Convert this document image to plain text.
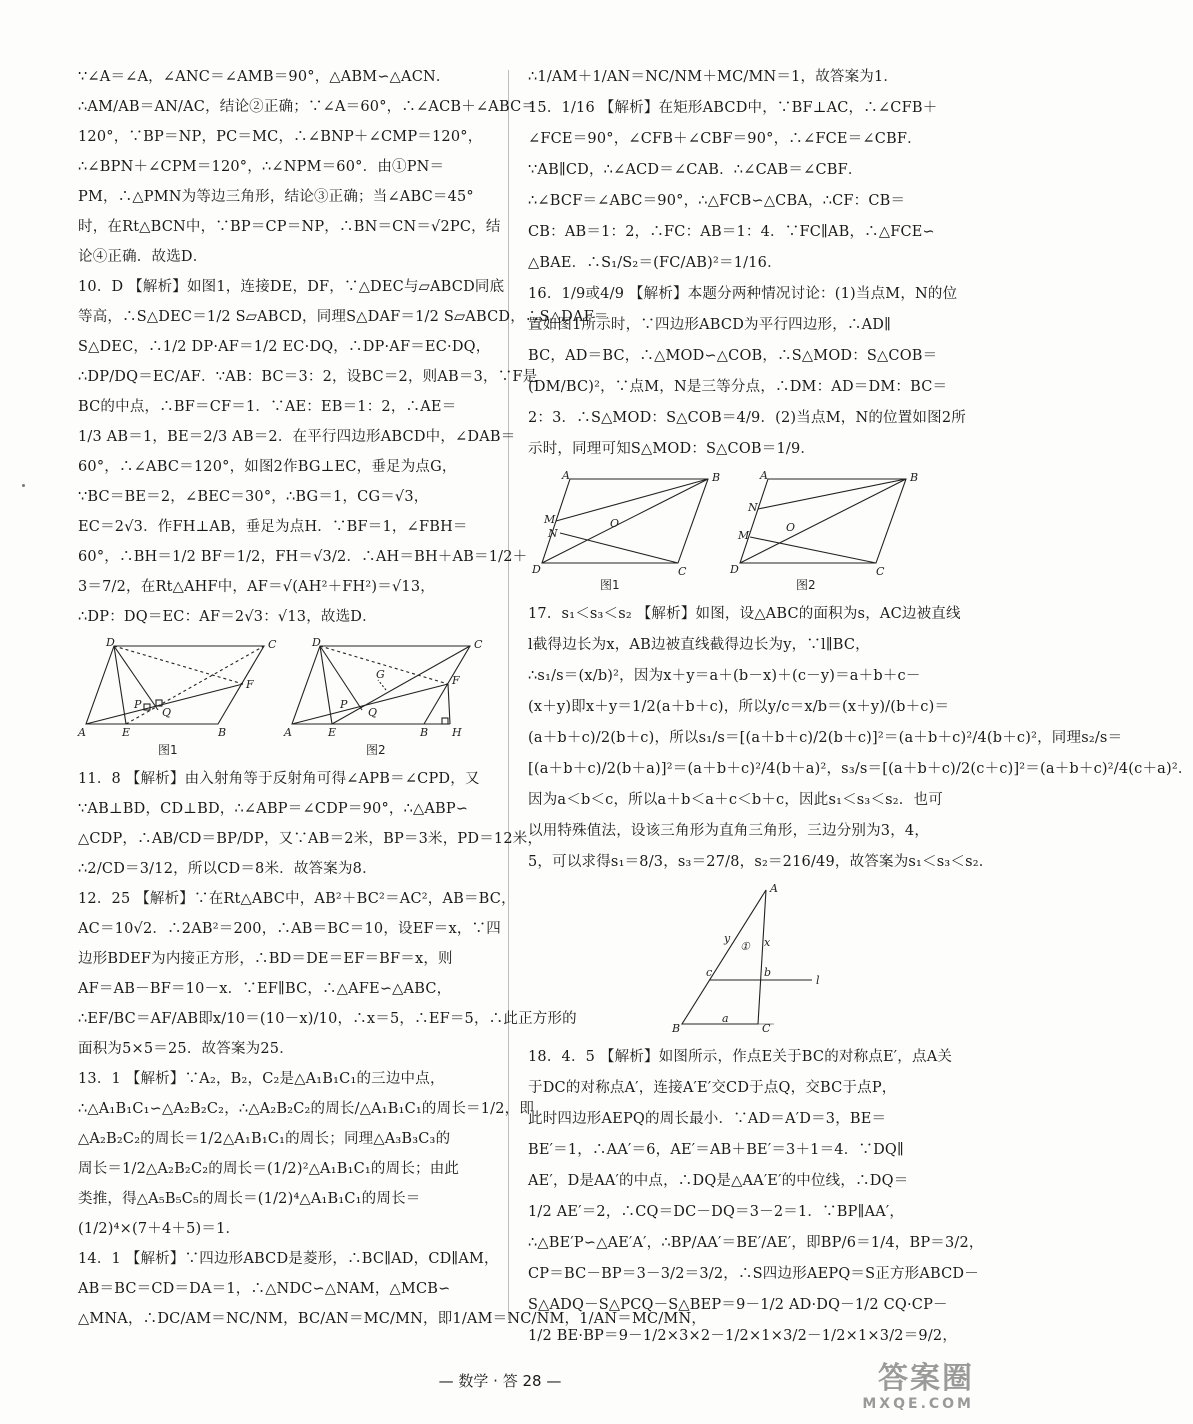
∵∠A＝∠A，∠ANC＝∠AMB＝90°，△ABM∽△ACN．
∴AM/AB＝AN/AC，结论②正确；∵∠A＝60°，∴∠ACB＋∠ABC＝
120°，∵BP＝NP，PC＝MC，∴∠BNP＋∠CMP＝120°，
∴∠BPN＋∠CPM＝120°，∴∠NPM＝60°．由①PN＝
PM，∴△PMN为等边三角形，结论③正确；当∠ABC＝45°
时，在Rt△BCN中，∵BP＝CP＝NP，∴BN＝CN＝√2PC，结
论④正确．故选D．
10．D 【解析】如图1，连接DE，DF，∵△DEC与▱ABCD同底
等高，∴S△DEC＝1/2 S▱ABCD，同理S△DAF＝1/2 S▱ABCD，∴S△DAF＝
S△DEC，∴1/2 DP·AF＝1/2 EC·DQ，∴DP·AF＝EC·DQ，
∴DP/DQ＝EC/AF．∵AB：BC＝3：2，设BC＝2，则AB＝3，∵F是
BC的中点，∴BF＝CF＝1．∵AE：EB＝1：2，∴AE＝
1/3 AB＝1，BE＝2/3 AB＝2．在平行四边形ABCD中，∠DAB＝
60°，∴∠ABC＝120°，如图2作BG⊥EC，垂足为点G，
∵BC＝BE＝2，∠BEC＝30°，∴BG＝1，CG＝√3，
EC＝2√3．作FH⊥AB，垂足为点H．∵BF＝1，∠FBH＝
60°，∴BH＝1/2 BF＝1/2，FH＝√3/2．∴AH＝BH＋AB＝1/2＋
3＝7/2，在Rt△AHF中，AF＝√(AH²＋FH²)＝√13，
∴DP：DQ＝EC：AF＝2√3：√13，故选D．
D	C
P
Q
F
A	E	B
D	C
G
P
Q
F
A	E	B H
图1	图2
11．8 【解析】由入射角等于反射角可得∠APB＝∠CPD，又
∵AB⊥BD，CD⊥BD，∴∠ABP＝∠CDP＝90°，∴△ABP∽
△CDP，∴AB/CD＝BP/DP，又∵AB＝2米，BP＝3米，PD＝12米，
∴2/CD＝3/12，所以CD＝8米．故答案为8．
12．25 【解析】∵在Rt△ABC中，AB²＋BC²＝AC²，AB＝BC，
AC＝10√2．∴2AB²＝200，∴AB＝BC＝10，设EF＝x，∵四
边形BDEF为内接正方形，∴BD＝DE＝EF＝BF＝x，则
AF＝AB－BF＝10－x．∵EF∥BC，∴△AFE∽△ABC，
∴EF/BC＝AF/AB即x/10＝(10－x)/10，∴x＝5，∴EF＝5，∴此正方形的
面积为5×5＝25．故答案为25．
13．1 【解析】∵A₂，B₂，C₂是△A₁B₁C₁的三边中点，
∴△A₁B₁C₁∽△A₂B₂C₂，∴△A₂B₂C₂的周长/△A₁B₁C₁的周长＝1/2，即
△A₂B₂C₂的周长＝1/2△A₁B₁C₁的周长；同理△A₃B₃C₃的
周长＝1/2△A₂B₂C₂的周长＝(1/2)²△A₁B₁C₁的周长；由此
类推，得△A₅B₅C₅的周长＝(1/2)⁴△A₁B₁C₁的周长＝
(1/2)⁴×(7＋4＋5)＝1．
14．1 【解析】∵四边形ABCD是菱形，∴BC∥AD，CD∥AM，
AB＝BC＝CD＝DA＝1，∴△NDC∽△NAM，△MCB∽
△MNA，∴DC/AM＝NC/NM，BC/AN＝MC/MN，即1/AM＝NC/NM，1/AN＝MC/MN，
∴1/AM＋1/AN＝NC/NM＋MC/MN＝1，故答案为1．
15．1/16 【解析】在矩形ABCD中，∵BF⊥AC，∴∠CFB＋
∠FCE＝90°，∠CFB＋∠CBF＝90°，∴∠FCE＝∠CBF．
∵AB∥CD，∴∠ACD＝∠CAB．∴∠CAB＝∠CBF．
∴∠BCF＝∠ABC＝90°，∴△FCB∽△CBA，∴CF：CB＝
CB：AB＝1：2，∴FC：AB＝1：4．∵FC∥AB，∴△FCE∽
△BAE．∴S₁/S₂＝(FC/AB)²＝1/16．
16．1/9或4/9 【解析】本题分两种情况讨论：(1)当点M，N的位
置如图1所示时，∵四边形ABCD为平行四边形，∴AD∥
BC，AD＝BC，∴△MOD∽△COB，∴S△MOD：S△COB＝
(DM/BC)²，∵点M，N是三等分点，∴DM：AD＝DM：BC＝
2：3．∴S△MOD：S△COB＝4/9．(2)当点M，N的位置如图2所
示时，同理可知S△MOD：S△COB＝1/9．
A	B
M
N
O
D	C
A	B
N
M
O
D	C
图1	图2
17．s₁＜s₃＜s₂ 【解析】如图，设△ABC的面积为s，AC边被直线
l截得边长为x，AB边被直线截得边长为y，∵l∥BC，
∴s₁/s＝(x/b)²，因为x＋y＝a＋(b－x)＋(c－y)＝a＋b＋c－
(x＋y)即x＋y＝1/2(a＋b＋c)，所以y/c＝x/b＝(x＋y)/(b＋c)＝
(a＋b＋c)/2(b＋c)，所以s₁/s＝[(a＋b＋c)/2(b＋c)]²＝(a＋b＋c)²/4(b＋c)²，同理s₂/s＝
[(a＋b＋c)/2(b＋a)]²＝(a＋b＋c)²/4(b＋a)²，s₃/s＝[(a＋b＋c)/2(c＋c)]²＝(a＋b＋c)²/4(c＋a)²．
因为a＜b＜c，所以a＋b＜a＋c＜b＋c，因此s₁＜s₃＜s₂．也可
以用特殊值法，设该三角形为直角三角形，三边分别为3，4，
5，可以求得s₁＝8/3，s₃＝27/8，s₂＝216/49，故答案为s₁＜s₃＜s₂．
A
y
① x
c	b
l
B
a
C
18．4．5 【解析】如图所示，作点E关于BC的对称点E′，点A关
于DC的对称点A′，连接A′E′交CD于点Q，交BC于点P，
此时四边形AEPQ的周长最小．∵AD＝A′D＝3，BE＝
BE′＝1，∴AA′＝6，AE′＝AB＋BE′＝3＋1＝4．∵DQ∥
AE′，D是AA′的中点，∴DQ是△AA′E′的中位线，∴DQ＝
1/2 AE′＝2，∴CQ＝DC－DQ＝3－2＝1．∵BP∥AA′，
∴△BE′P∽△AE′A′，∴BP/AA′＝BE′/AE′，即BP/6＝1/4，BP＝3/2，
CP＝BC－BP＝3－3/2＝3/2，∴S四边形AEPQ＝S正方形ABCD－
S△ADQ－S△PCQ－S△BEP＝9－1/2 AD·DQ－1/2 CQ·CP－
1/2 BE·BP＝9－1/2×3×2－1/2×1×3/2－1/2×1×3/2＝9/2，
— 数学 · 答 28 —	答案圈
MXQE.COM
